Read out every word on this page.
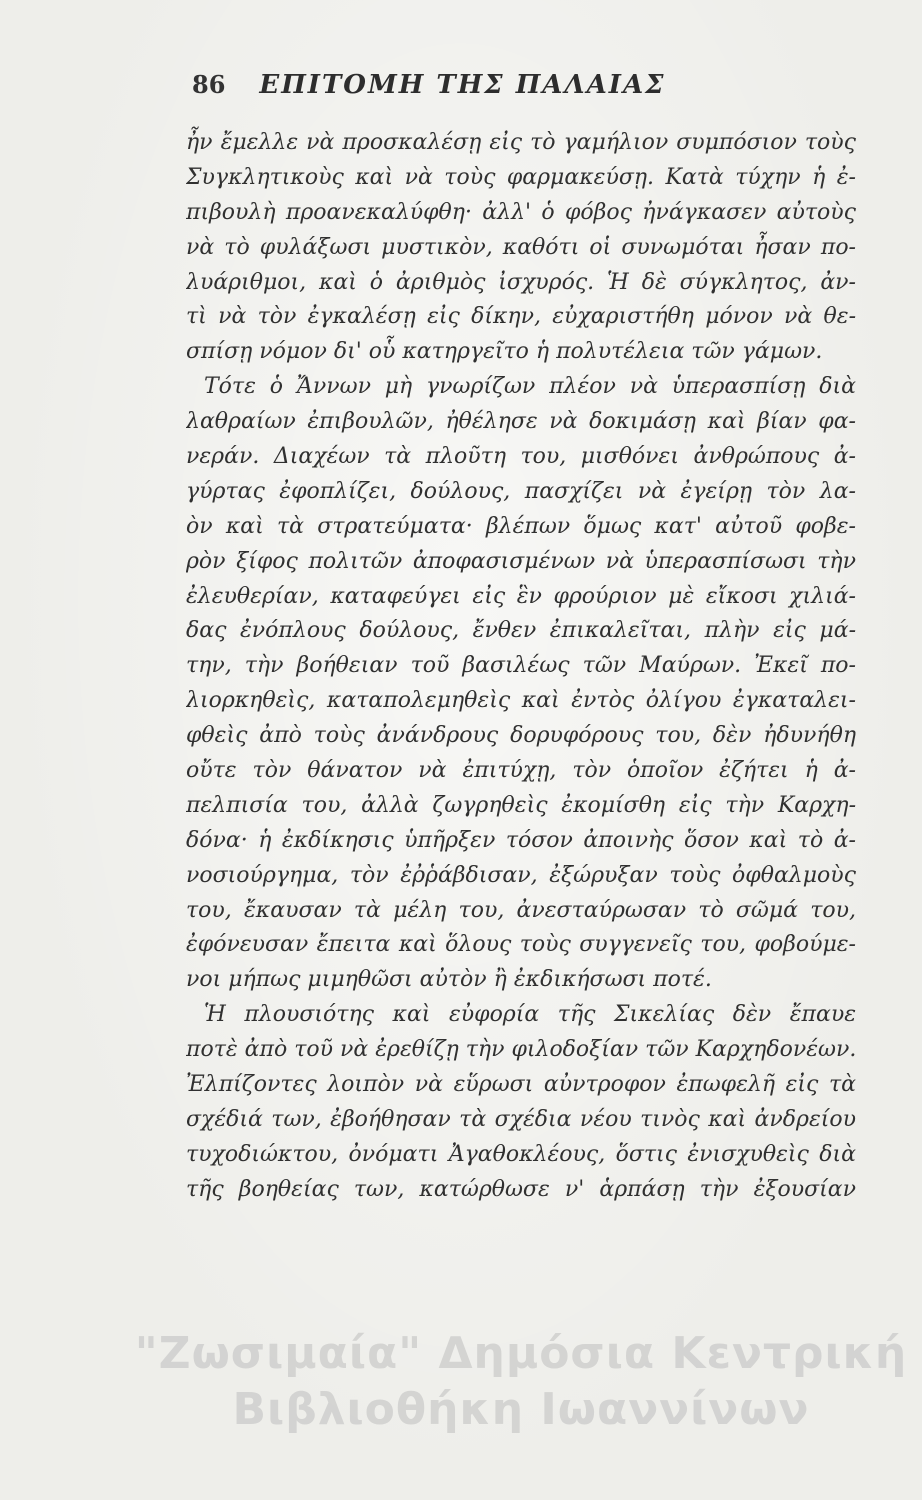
86 ΕΠΙΤΟΜΗ ΤΗΣ ΠΑΛΑΙΑΣ
ἦν ἔμελλε νὰ προσκαλέσῃ εἰς τὸ γαμήλιον συμπόσιον τοὺς
Συγκλητικοὺς καὶ νὰ τοὺς φαρμακεύσῃ. Κατὰ τύχην ἡ ἐ-
πιβουλὴ προανεκαλύφθη· ἀλλ' ὁ φόβος ἠνάγκασεν αὐτοὺς
νὰ τὸ φυλάξωσι μυστικὸν, καθότι οἱ συνωμόται ἦσαν πο-
λυάριθμοι, καὶ ὁ ἀριθμὸς ἰσχυρός. Ἡ δὲ σύγκλητος, ἀν-
τὶ νὰ τὸν ἐγκαλέσῃ εἰς δίκην, εὐχαριστήθη μόνον νὰ θε-
σπίσῃ νόμον δι' οὗ κατηργεῖτο ἡ πολυτέλεια τῶν γάμων.
Τότε ὁ Ἄννων μὴ γνωρίζων πλέον νὰ ὑπερασπίσῃ διὰ
λαθραίων ἐπιβουλῶν, ἠθέλησε νὰ δοκιμάσῃ καὶ βίαν φα-
νεράν. Διαχέων τὰ πλοῦτη του, μισθόνει ἀνθρώπους ἀ-
γύρτας ἐφοπλίζει, δούλους, πασχίζει νὰ ἐγείρῃ τὸν λα-
ὸν καὶ τὰ στρατεύματα· βλέπων ὅμως κατ' αὐτοῦ φοβε-
ρὸν ξίφος πολιτῶν ἀποφασισμένων νὰ ὑπερασπίσωσι τὴν
ἐλευθερίαν, καταφεύγει εἰς ἓν φρούριον μὲ εἴκοσι χιλιά-
δας ἐνόπλους δούλους, ἔνθεν ἐπικαλεῖται, πλὴν εἰς μά-
την, τὴν βοήθειαν τοῦ βασιλέως τῶν Μαύρων. Ἐκεῖ πο-
λιορκηθεὶς, καταπολεμηθεὶς καὶ ἐντὸς ὀλίγου ἐγκαταλει-
φθεὶς ἀπὸ τοὺς ἀνάνδρους δορυφόρους του, δὲν ἠδυνήθη
οὔτε τὸν θάνατον νὰ ἐπιτύχῃ, τὸν ὁποῖον ἐζήτει ἡ ἀ-
πελπισία του, ἀλλὰ ζωγρηθεὶς ἐκομίσθη εἰς τὴν Καρχη-
δόνα· ἡ ἐκδίκησις ὑπῆρξεν τόσον ἀποινὴς ὅσον καὶ τὸ ἀ-
νοσιούργημα, τὸν ἐῤῥάβδισαν, ἐξώρυξαν τοὺς ὀφθαλμοὺς
του, ἔκαυσαν τὰ μέλη του, ἀνεσταύρωσαν τὸ σῶμά του,
ἐφόνευσαν ἔπειτα καὶ ὅλους τοὺς συγγενεῖς του, φοβούμε-
νοι μήπως μιμηθῶσι αὐτὸν ἢ ἐκδικήσωσι ποτέ.
Ἡ πλουσιότης καὶ εὐφορία τῆς Σικελίας δὲν ἔπαυε
ποτὲ ἀπὸ τοῦ νὰ ἐρεθίζῃ τὴν φιλοδοξίαν τῶν Καρχηδονέων.
Ἐλπίζοντες λοιπὸν νὰ εὕρωσι αὐντροφον ἐπωφελῆ εἰς τὰ
σχέδιά των, ἐβοήθησαν τὰ σχέδια νέου τινὸς καὶ ἀνδρείου
τυχοδιώκτου, ὀνόματι Ἀγαθοκλέους, ὅστις ἐνισχυθεὶς διὰ
τῆς βοηθείας των, κατώρθωσε ν' ἁρπάσῃ τὴν ἐξουσίαν
"Ζωσιμαία" Δημόσια Κεντρική
Βιβλιοθήκη Ιωαννίνων
